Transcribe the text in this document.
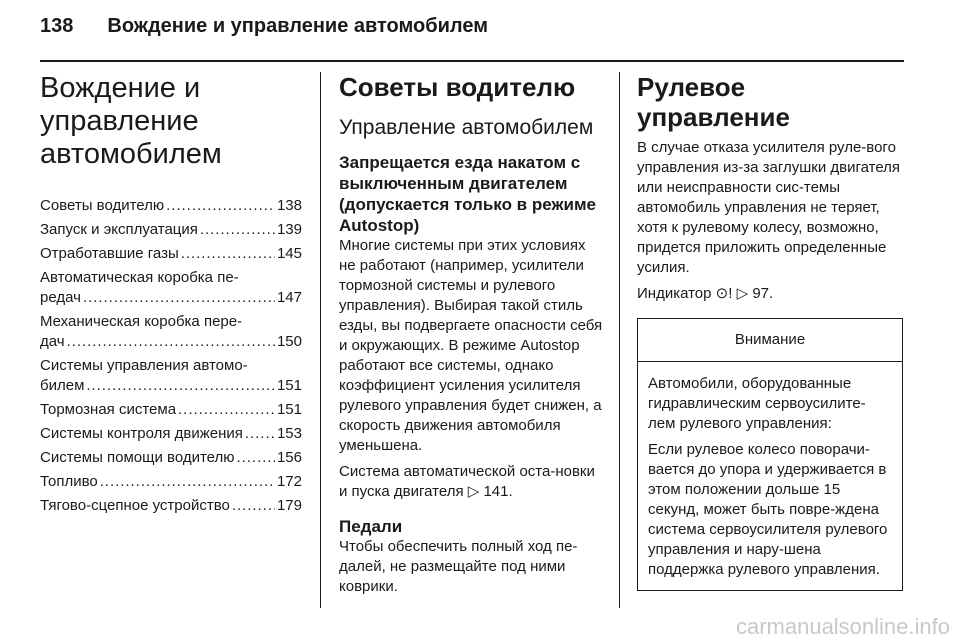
138 Вождение и управление автомобилем
Вождение и управление автомобилем
Советы водителю . . .	138
Запуск и эксплуатация . . .	139
Отработавшие газы . . .	145
Автоматическая коробка пе-
редач . . .	147
Механическая коробка пере-
дач . . .	150
Системы управления автомо-
билем . . .	151
Тормозная система . . .	151
Системы контроля движения . . . 153
Системы помощи водителю . . .	156
Топливо . . .	172
Тягово-сцепное устройство . . .	179
Советы водителю
Управление автомобилем
Запрещается езда накатом с выключенным двигателем (допускается только в режиме Autostop)

Многие системы при этих условиях не работают (например, усилители тормозной системы и рулевого управления). Выбирая такой стиль езды, вы подвергаете опасности себя и окружающих. В режиме Autostop работают все системы, однако коэффициент усиления усилителя рулевого управления будет снижен, а скорость движения автомобиля уменьшена.

Система автоматической оста-новки и пуска двигателя ▷ 141.

Педали

Чтобы обеспечить полный ход пе-далей, не размещайте под ними коврики.

Рулевое управление

В случае отказа усилителя руле-вого управления из-за заглушки двигателя или неисправности сис-темы автомобиль управления не теряет, хотя к рулевому колесу, возможно, придется приложить определенные усилия.

Индикатор ⊙! ▷ 97.

Внимание

Автомобили, оборудованные гидравлическим сервоусилите-лем рулевого управления:

Если рулевое колесо поворачи-вается до упора и удерживается в этом положении дольше 15 секунд, может быть повре-ждена система сервоусилителя рулевого управления и нару-шена поддержка рулевого управления.

carmanualsonline.info
